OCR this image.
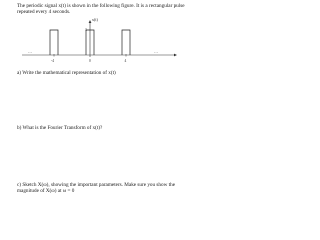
The periodic signal x(t) is shown in the following figure. It is a rectangular pulse repeated every 4 seconds.

x(t)
1
⋯	⋯
-4	0	4

a) Write the mathematical representation of x(t)

b) What is the Fourier Transform of x(t)?

c) Sketch X(ω), showing the important parameters. Make sure you show the magnitude of X(ω) at ω = 0
